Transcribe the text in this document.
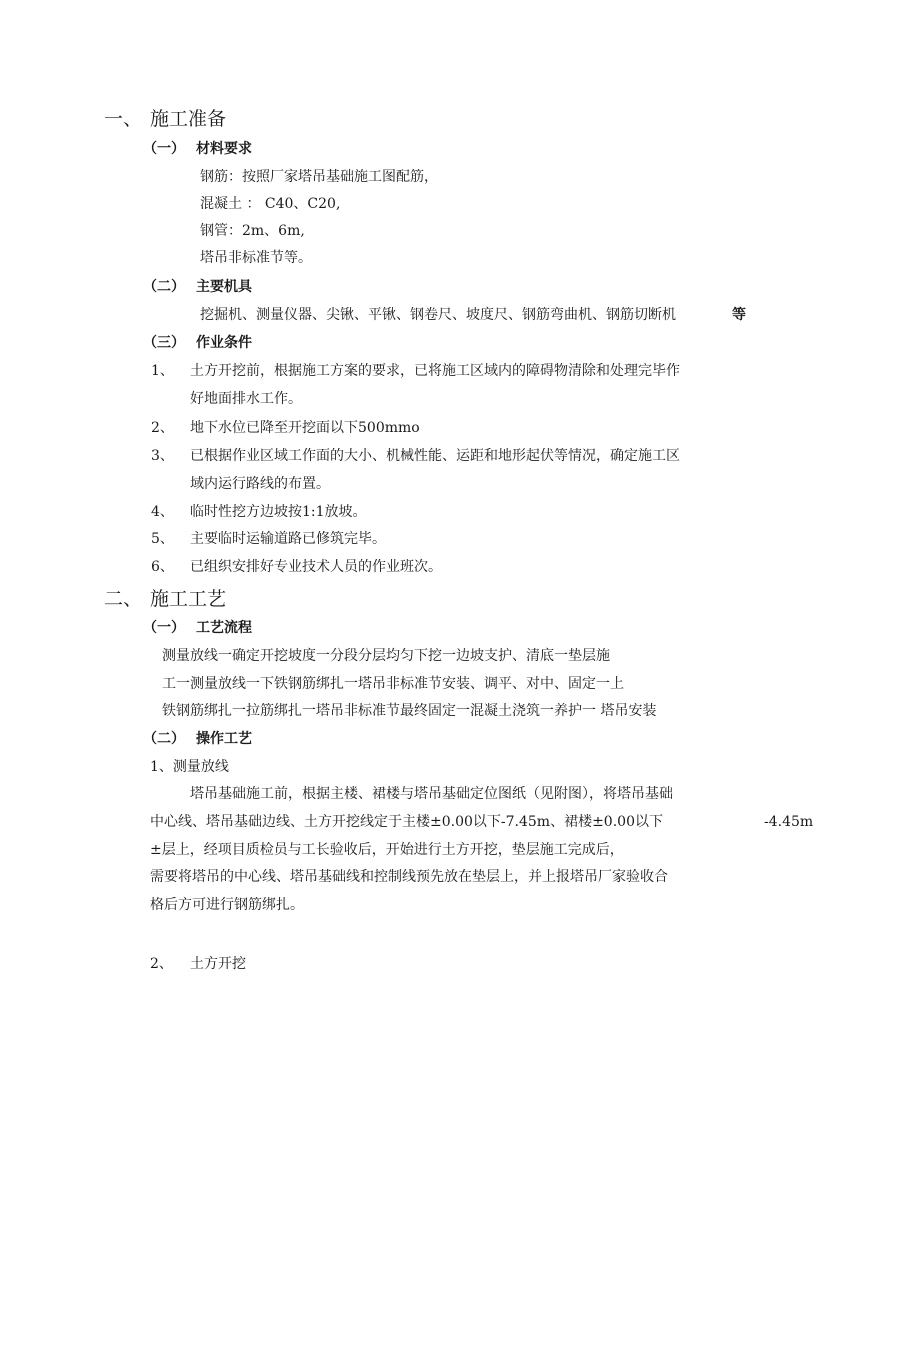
一、 施工准备
（一） 材料要求
钢筋：按照厂家塔吊基础施工图配筋，
混凝土 ： C40、C20,
钢管：2m、6m,
塔吊非标准节等。
（二） 主要机具
挖掘机、测量仪器、尖锹、平锹、钢卷尺、坡度尺、钢筋弯曲机、钢筋切断机	等
（三） 作业条件
1、 土方开挖前，根据施工方案的要求，已将施工区域内的障碍物清除和处理完毕作
好地面排水工作。
2、 地下水位已降至开挖面以下500mmo
3、 已根据作业区域工作面的大小、机械性能、运距和地形起伏等情况，确定施工区
域内运行路线的布置。
4、 临时性挖方边坡按1:1放坡。
5、 主要临时运输道路已修筑完毕。
6、 已组织安排好专业技术人员的作业班次。
二、 施工工艺
（一） 工艺流程
测量放线一确定开挖坡度一分段分层均匀下挖一边坡支护、清底一垫层施
工一测量放线一下铁钢筋绑扎一塔吊非标准节安装、调平、对中、固定一上
铁钢筋绑扎一拉筋绑扎一塔吊非标准节最终固定一混凝土浇筑一养护一 塔吊安装
（二） 操作工艺
1、测量放线
塔吊基础施工前，根据主楼、裙楼与塔吊基础定位图纸（见附图），将塔吊基础
中心线、塔吊基础边线、土方开挖线定于主楼±0.00以下-7.45m、裙楼±0.00以下	-4.45m
±层上，经项目质检员与工长验收后，开始进行土方开挖，垫层施工完成后，
需要将塔吊的中心线、塔吊基础线和控制线预先放在垫层上，并上报塔吊厂家验收合
格后方可进行钢筋绑扎。
2、 土方开挖
